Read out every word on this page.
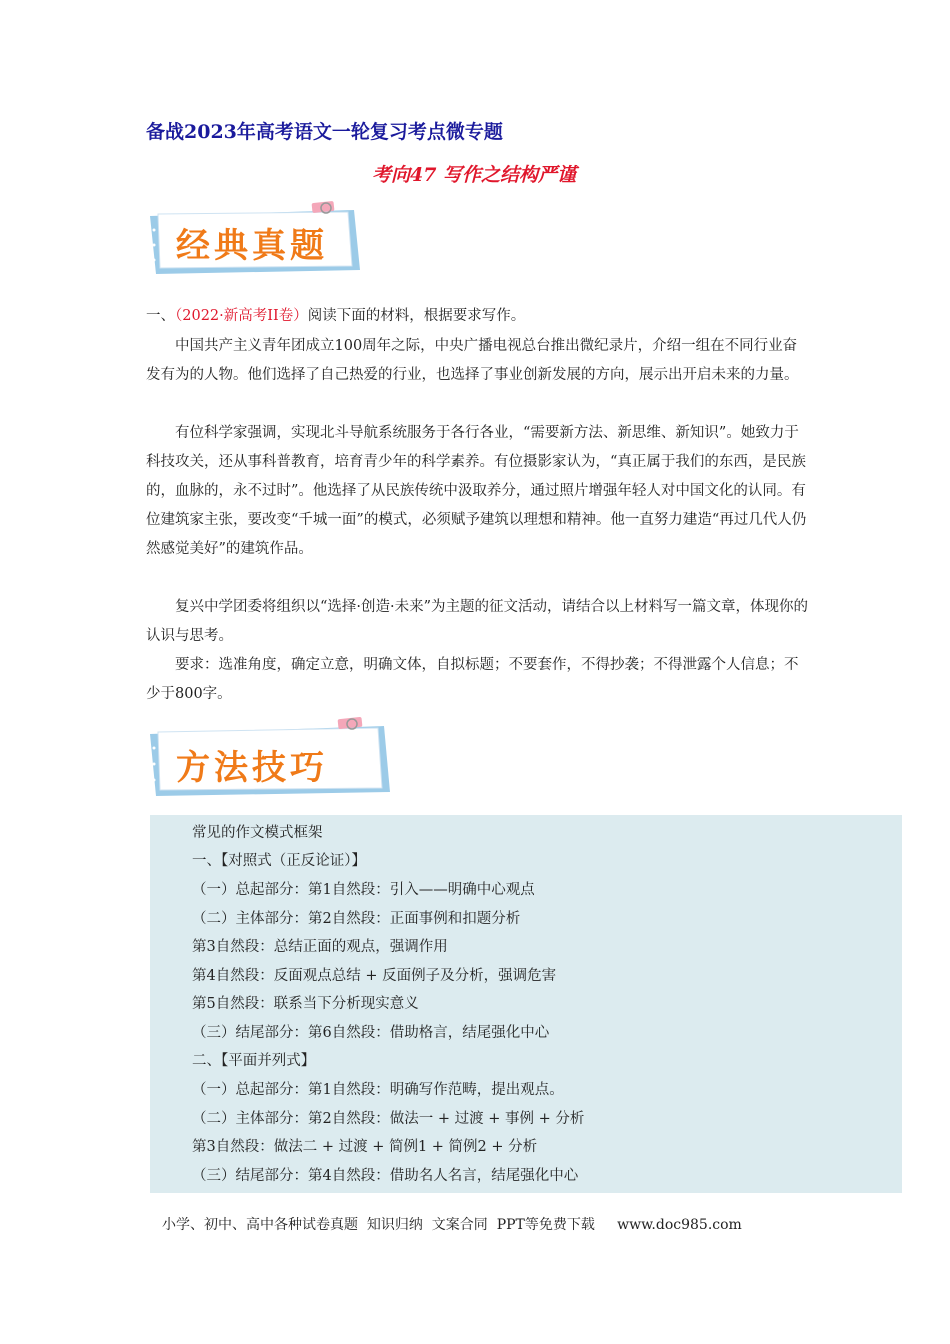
备战2023年高考语文一轮复习考点微专题
考向47 写作之结构严谨
经典真题
一、（2022·新高考II卷）阅读下面的材料，根据要求写作。
中国共产主义青年团成立100周年之际，中央广播电视总台推出微纪录片，介绍一组在不同行业奋发有为的人物。他们选择了自己热爱的行业，也选择了事业创新发展的方向，展示出开启未来的力量。
有位科学家强调，实现北斗导航系统服务于各行各业，“需要新方法、新思维、新知识”。她致力于科技攻关，还从事科普教育，培育青少年的科学素养。有位摄影家认为，“真正属于我们的东西，是民族的，血脉的，永不过时”。他选择了从民族传统中汲取养分，通过照片增强年轻人对中国文化的认同。有位建筑家主张，要改变“千城一面”的模式，必须赋予建筑以理想和精神。他一直努力建造“再过几代人仍然感觉美好”的建筑作品。
复兴中学团委将组织以“选择·创造·未来”为主题的征文活动，请结合以上材料写一篇文章，体现你的认识与思考。
要求：选准角度，确定立意，明确文体，自拟标题；不要套作，不得抄袭；不得泄露个人信息；不少于800字。
方法技巧
常见的作文模式框架
一、【对照式（正反论证）】
（一）总起部分：第1自然段：引入——明确中心观点
（二）主体部分：第2自然段：正面事例和扣题分析
第3自然段：总结正面的观点，强调作用
第4自然段：反面观点总结 + 反面例子及分析，强调危害
第5自然段：联系当下分析现实意义
（三）结尾部分：第6自然段：借助格言，结尾强化中心
二、【平面并列式】
（一）总起部分：第1自然段：明确写作范畴，提出观点。
（二）主体部分：第2自然段：做法一 + 过渡 + 事例 + 分析
第3自然段：做法二 + 过渡 + 简例1 + 简例2 + 分析
（三）结尾部分：第4自然段：借助名人名言，结尾强化中心
小学、初中、高中各种试卷真题  知识归纳  文案合同  PPT等免费下载     www.doc985.com
